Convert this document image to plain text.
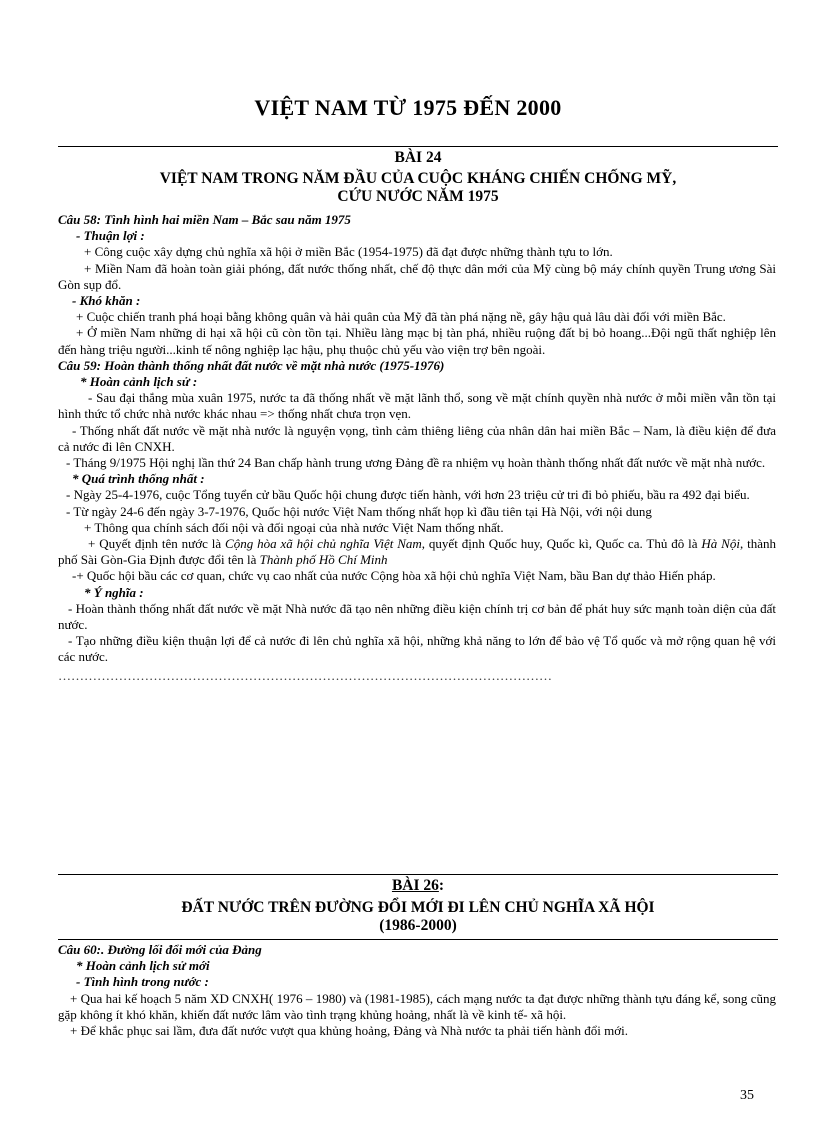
VIỆT NAM TỪ 1975 ĐẾN 2000
BÀI 24
VIỆT NAM TRONG NĂM ĐẦU CỦA CUỘC KHÁNG CHIẾN CHỐNG MỸ,
CỨU NƯỚC NĂM 1975

Câu 58: Tình hình hai miền Nam – Bắc sau năm 1975

- Thuận lợi :

+ Công cuộc xây dựng chủ nghĩa xã hội ở miền Bắc (1954-1975) đã đạt được những thành tựu to lớn.

+ Miền Nam đã hoàn toàn giải phóng, đất nước thống nhất, chế độ thực dân mới của Mỹ cùng bộ máy chính quyền Trung ương Sài Gòn sụp đổ.

- Khó khăn :

+ Cuộc chiến tranh phá hoại bằng không quân và hải quân của Mỹ đã tàn phá nặng nề, gây hậu quả lâu dài đối với miền Bắc.

+ Ở miền Nam những di hại xã hội cũ còn tồn tại. Nhiều làng mạc bị tàn phá, nhiều ruộng đất bị bỏ hoang...Đội ngũ thất nghiệp lên đến hàng triệu người...kinh tế nông nghiệp lạc hậu, phụ thuộc chủ yếu vào viện trợ bên ngoài.

Câu 59: Hoàn thành thống nhất đất nước về mặt nhà nước (1975-1976)

* Hoàn cảnh lịch sử :

- Sau đại thắng mùa xuân 1975, nước ta đã thống nhất về mặt lãnh thổ, song về mặt chính quyền nhà nước ở mỗi miền vẫn tồn tại hình thức tổ chức nhà nước khác nhau => thống nhất chưa trọn vẹn.

- Thống nhất đất nước về mặt nhà nước là nguyện vọng, tình cảm thiêng liêng của nhân dân hai miền Bắc – Nam, là điều kiện để đưa cả nước đi lên CNXH.

- Tháng 9/1975 Hội nghị lần thứ 24 Ban chấp hành trung ương Đảng đề ra nhiệm vụ hoàn thành thống nhất đất nước về mặt nhà nước.

* Quá trình thống nhất :

- Ngày 25-4-1976, cuộc Tổng tuyển cử bầu Quốc hội chung được tiến hành, với hơn 23 triệu cử tri đi bỏ phiếu, bầu ra 492 đại biểu.

- Từ ngày 24-6 đến ngày 3-7-1976, Quốc hội nước Việt Nam thống nhất họp kì đầu tiên tại Hà Nội, với nội dung

+ Thông qua chính sách đối nội và đối ngoại của nhà nước Việt Nam thống nhất.

+ Quyết định tên nước là Cộng hòa xã hội chủ nghĩa Việt Nam, quyết định Quốc huy, Quốc kì, Quốc ca. Thủ đô là Hà Nội, thành phố Sài Gòn-Gia Định được đổi tên là Thành phố Hồ Chí Minh

-+ Quốc hội bầu các cơ quan, chức vụ cao nhất của nước Cộng hòa xã hội chủ nghĩa Việt Nam, bầu Ban dự thảo Hiến pháp.

* Ý nghĩa :

- Hoàn thành thống nhất đất nước về mặt Nhà nước đã tạo nên những điều kiện chính trị cơ bản để phát huy sức mạnh toàn diện của đất nước.

- Tạo những điều kiện thuận lợi để cả nước đi lên chủ nghĩa xã hội, những khả năng to lớn để bảo vệ Tổ quốc và mở rộng quan hệ với các nước.

……………………………………………………………………………………………………

BÀI 26:
ĐẤT NƯỚC TRÊN ĐƯỜNG ĐỔI MỚI ĐI LÊN CHỦ NGHĨA XÃ HỘI
(1986-2000)

Câu 60:. Đường lối đổi mới của Đảng

* Hoàn cảnh lịch sử mới

- Tình hình trong nước :

+ Qua hai kế hoạch 5 năm XD CNXH( 1976 – 1980) và (1981-1985), cách mạng nước ta đạt được những thành tựu đáng kể, song cũng gặp không ít khó khăn, khiến đất nước lâm vào tình trạng khủng hoảng, nhất là về kinh tế- xã hội.

+ Để khắc phục sai lầm, đưa đất nước vượt qua khủng hoảng, Đảng và Nhà nước ta phải tiến hành đổi mới.

35
